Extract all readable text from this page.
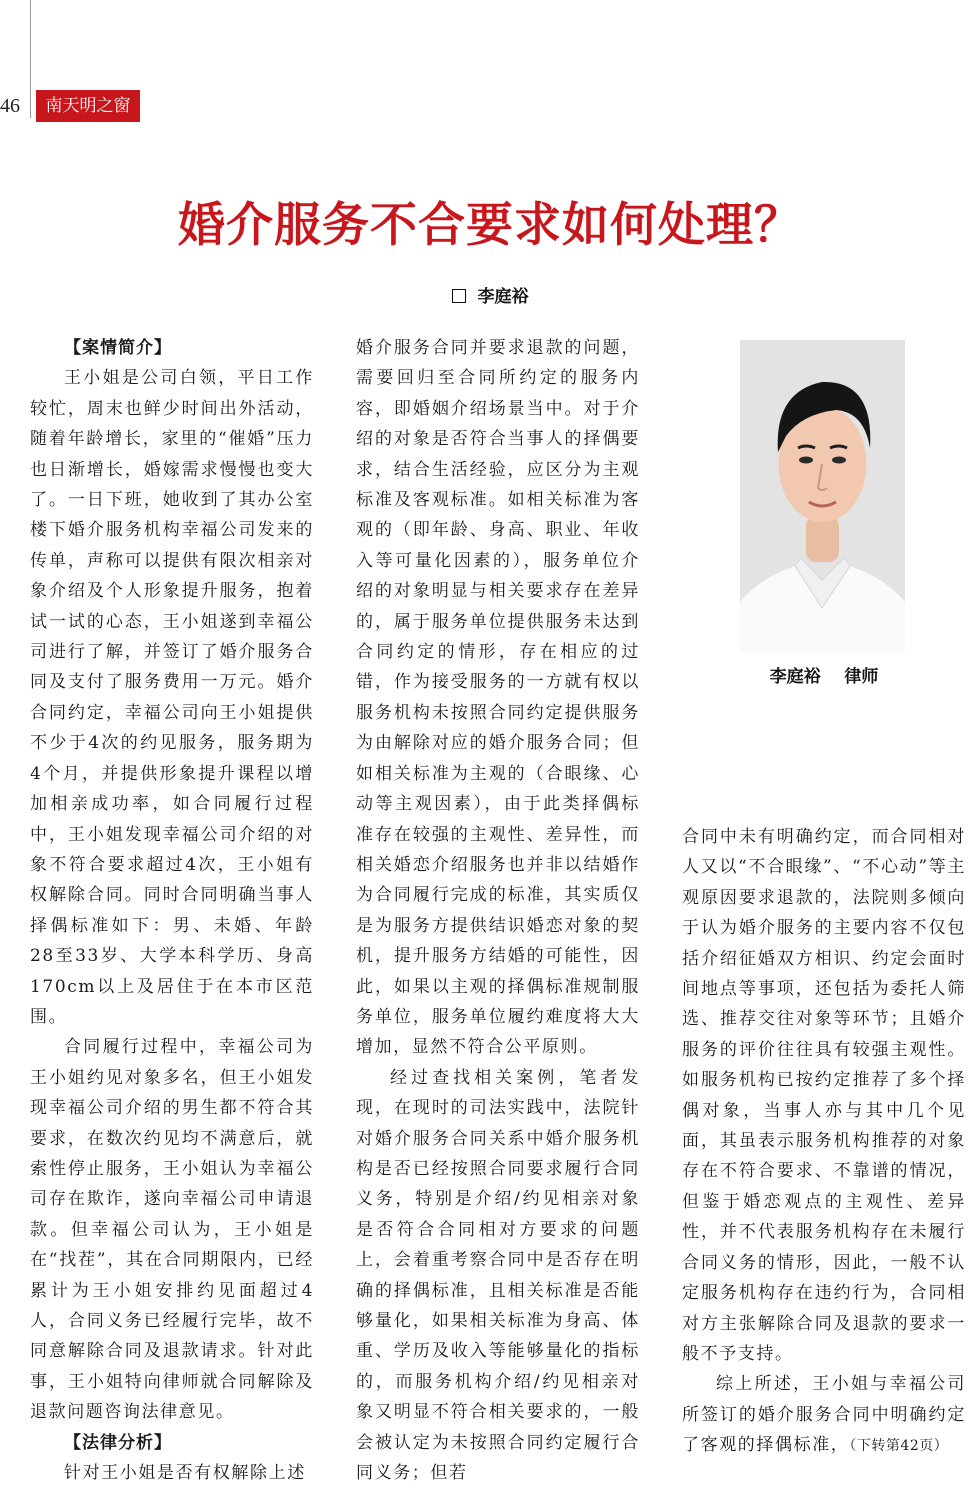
46	南天明之窗
婚介服务不合要求如何处理？
李庭裕

【案情简介】

王小姐是公司白领，平日工作较忙，周末也鲜少时间出外活动，随着年龄增长，家里的“催婚”压力也日渐增长，婚嫁需求慢慢也变大了。一日下班，她收到了其办公室楼下婚介服务机构幸福公司发来的传单，声称可以提供有限次相亲对象介绍及个人形象提升服务，抱着试一试的心态，王小姐遂到幸福公司进行了解，并签订了婚介服务合同及支付了服务费用一万元。婚介合同约定，幸福公司向王小姐提供不少于4次的约见服务，服务期为4个月，并提供形象提升课程以增加相亲成功率，如合同履行过程中，王小姐发现幸福公司介绍的对象不符合要求超过4次，王小姐有权解除合同。同时合同明确当事人择偶标准如下：男、未婚、年龄28至33岁、大学本科学历、身高170cm以上及居住于在本市区范围。

合同履行过程中，幸福公司为王小姐约见对象多名，但王小姐发现幸福公司介绍的男生都不符合其要求，在数次约见均不满意后，就索性停止服务，王小姐认为幸福公司存在欺诈，遂向幸福公司申请退款。但幸福公司认为，王小姐是在“找茬”，其在合同期限内，已经累计为王小姐安排约见面超过4人，合同义务已经履行完毕，故不同意解除合同及退款请求。针对此事，王小姐特向律师就合同解除及退款问题咨询法律意见。

【法律分析】

针对王小姐是否有权解除上述

婚介服务合同并要求退款的问题，需要回归至合同所约定的服务内容，即婚姻介绍场景当中。对于介绍的对象是否符合当事人的择偶要求，结合生活经验，应区分为主观标准及客观标准。如相关标准为客观的（即年龄、身高、职业、年收入等可量化因素的），服务单位介绍的对象明显与相关要求存在差异的，属于服务单位提供服务未达到合同约定的情形，存在相应的过错，作为接受服务的一方就有权以服务机构未按照合同约定提供服务为由解除对应的婚介服务合同；但如相关标准为主观的（合眼缘、心动等主观因素），由于此类择偶标准存在较强的主观性、差异性，而相关婚恋介绍服务也并非以结婚作为合同履行完成的标准，其实质仅是为服务方提供结识婚恋对象的契机，提升服务方结婚的可能性，因此，如果以主观的择偶标准规制服务单位，服务单位履约难度将大大增加，显然不符合公平原则。

经过查找相关案例，笔者发现，在现时的司法实践中，法院针对婚介服务合同关系中婚介服务机构是否已经按照合同要求履行合同义务，特别是介绍/约见相亲对象是否符合合同相对方要求的问题上，会着重考察合同中是否存在明确的择偶标准，且相关标准是否能够量化，如果相关标准为身高、体重、学历及收入等能够量化的指标的，而服务机构介绍/约见相亲对象又明显不符合相关要求的，一般会被认定为未按照合同约定履行合同义务；但若

李庭裕    律师

合同中未有明确约定，而合同相对人又以“不合眼缘”、“不心动”等主观原因要求退款的，法院则多倾向于认为婚介服务的主要内容不仅包括介绍征婚双方相识、约定会面时间地点等事项，还包括为委托人筛选、推荐交往对象等环节；且婚介服务的评价往往具有较强主观性。如服务机构已按约定推荐了多个择偶对象，当事人亦与其中几个见面，其虽表示服务机构推荐的对象存在不符合要求、不靠谱的情况，但鉴于婚恋观点的主观性、差异性，并不代表服务机构存在未履行合同义务的情形，因此，一般不认定服务机构存在违约行为，合同相对方主张解除合同及退款的要求一般不予支持。

综上所述，王小姐与幸福公司所签订的婚介服务合同中明确约定了客观的择偶标准，（下转第42页）
